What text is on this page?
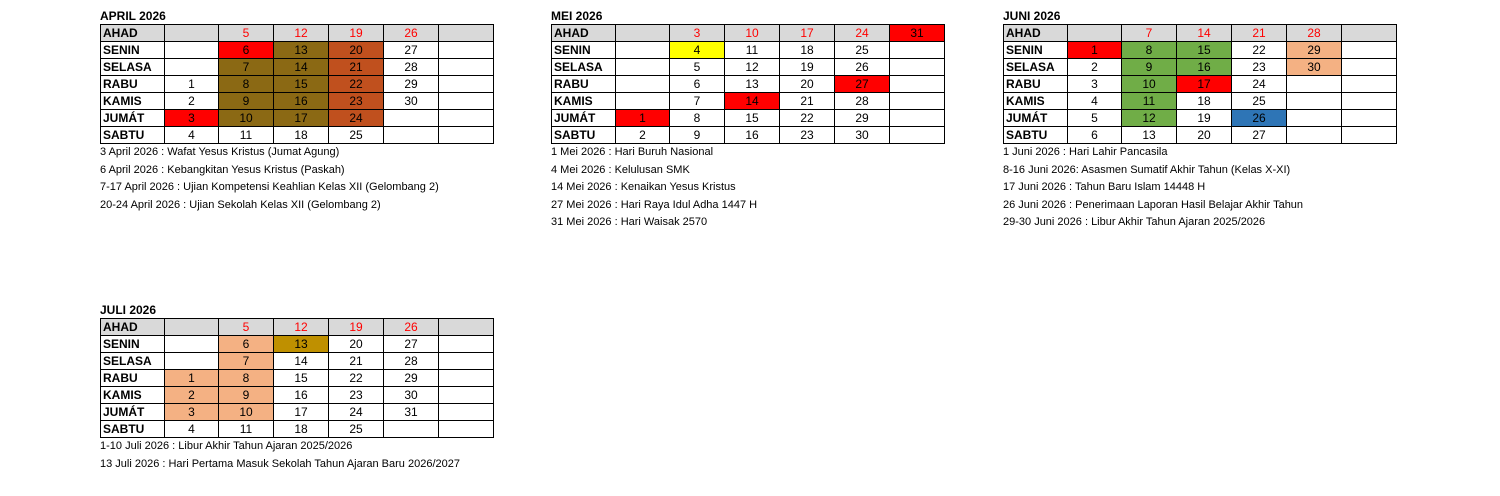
APRIL 2026
AHAD		5	12	19	26	
SENIN		6	13	20	27	
SELASA		7	14	21	28	
RABU	1	8	15	22	29	
KAMIS	2	9	16	23	30	
JUMÁT	3	10	17	24		
SABTU	4	11	18	25		
3 April 2026 : Wafat Yesus Kristus (Jumat Agung)
6 April 2026 : Kebangkitan Yesus Kristus (Paskah)
7-17 April 2026 : Ujian Kompetensi Keahlian Kelas XII (Gelombang 2)
20-24 April 2026 : Ujian Sekolah Kelas XII (Gelombang 2)
MEI 2026
AHAD		3	10	17	24	31
SENIN		4	11	18	25	
SELASA		5	12	19	26	
RABU		6	13	20	27	
KAMIS		7	14	21	28	
JUMÁT	1	8	15	22	29	
SABTU	2	9	16	23	30	
1 Mei 2026 : Hari Buruh Nasional
4 Mei 2026 : Kelulusan SMK
14 Mei 2026 : Kenaikan Yesus Kristus
27 Mei 2026 : Hari Raya Idul Adha 1447 H
31 Mei 2026 : Hari Waisak 2570
JUNI 2026
AHAD		7	14	21	28	
SENIN	1	8	15	22	29	
SELASA	2	9	16	23	30	
RABU	3	10	17	24		
KAMIS	4	11	18	25		
JUMÁT	5	12	19	26		
SABTU	6	13	20	27		
1 Juni 2026 : Hari Lahir Pancasila
8-16 Juni 2026: Asasmen Sumatif Akhir Tahun (Kelas X-XI)
17 Juni 2026 : Tahun Baru Islam 14448 H
26 Juni 2026 : Penerimaan Laporan Hasil Belajar Akhir Tahun
29-30 Juni 2026 : Libur Akhir Tahun Ajaran 2025/2026
JULI 2026
AHAD		5	12	19	26	
SENIN		6	13	20	27	
SELASA		7	14	21	28	
RABU	1	8	15	22	29	
KAMIS	2	9	16	23	30	
JUMÁT	3	10	17	24	31	
SABTU	4	11	18	25		
1-10 Juli 2026 : Libur Akhir Tahun Ajaran 2025/2026
13 Juli 2026 : Hari Pertama Masuk Sekolah Tahun Ajaran Baru 2026/2027
